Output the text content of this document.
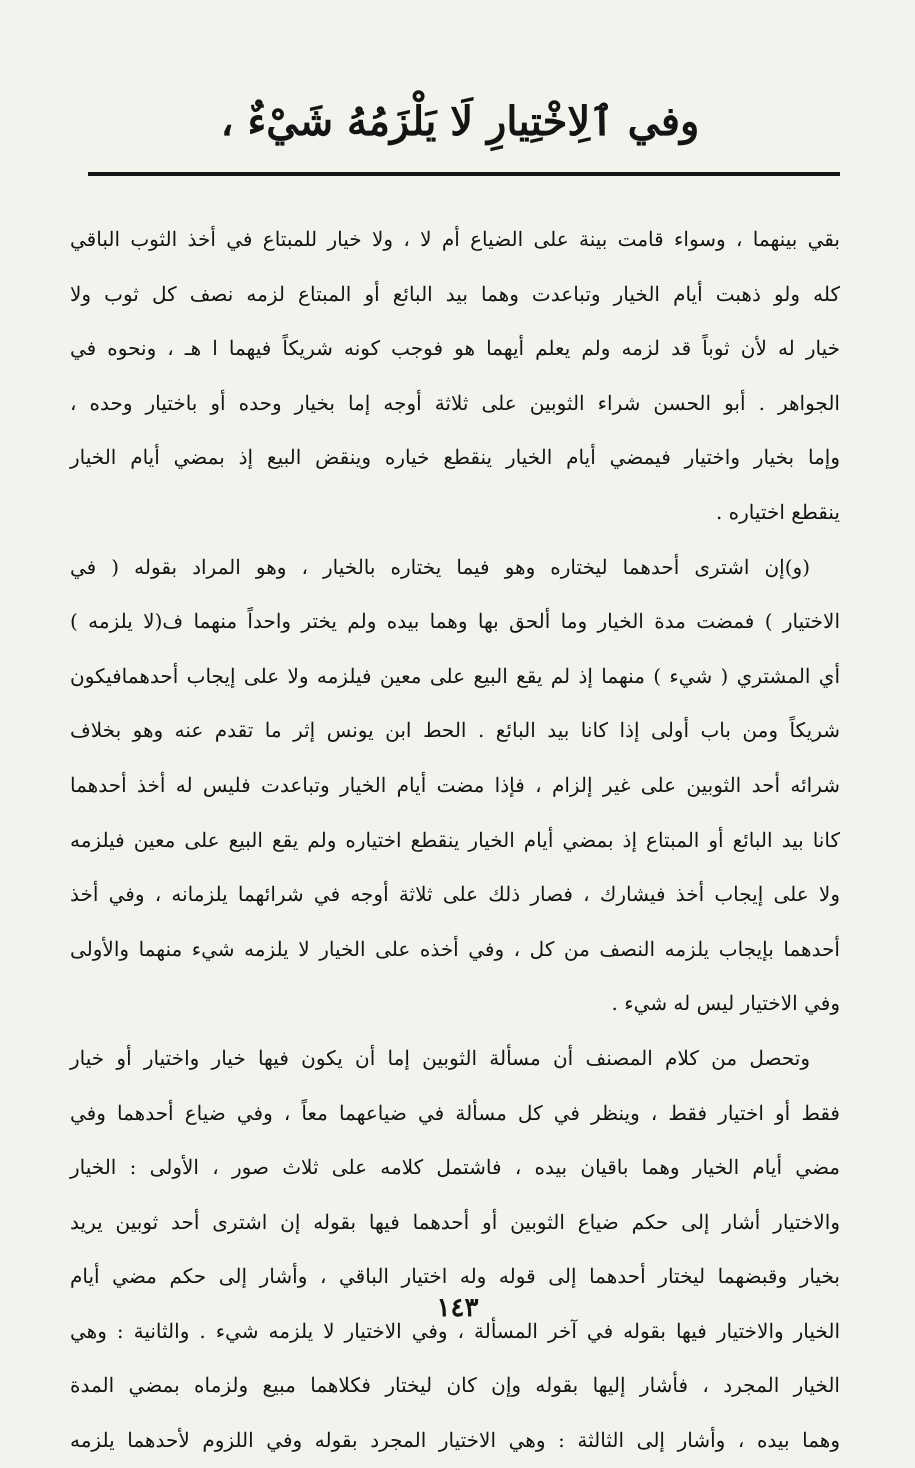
وفي ٱلِاخْتِيارِ لَا يَلْزَمُهُ شَيْءٌ ،
بقي بينهما ، وسواء قامت بينة على الضياع أم لا ، ولا خيار للمبتاع في أخذ الثوب الباقي
كله ولو ذهبت أيام الخيار وتباعدت وهما بيد البائع أو المبتاع لزمه نصف كل ثوب ولا
خيار له لأن ثوباً قد لزمه ولم يعلم أيهما هو فوجب كونه شريكاً فيهما ا هـ ، ونحوه في
الجواهر . أبو الحسن شراء الثوبين على ثلاثة أوجه إما بخيار وحده أو باختيار وحده ،
وإما بخيار واختيار فيمضي أيام الخيار ينقطع خياره وينقض البيع إذ بمضي أيام الخيار
ينقطع اختياره .
(و)إن اشترى أحدهما ليختاره وهو فيما يختاره بالخيار ، وهو المراد بقوله ( في
الاختيار ) فمضت مدة الخيار وما ألحق بها وهما بيده ولم يختر واحداً منهما ف(لا يلزمه )
أي المشتري ( شيء ) منهما إذ لم يقع البيع على معين فيلزمه ولا على إيجاب أحدهمافيكون
شريكاً ومن باب أولى إذا كانا بيد البائع . الحط ابن يونس إثر ما تقدم عنه وهو بخلاف
شرائه أحد الثوبين على غير إلزام ، فإذا مضت أيام الخيار وتباعدت فليس له أخذ أحدهما
كانا بيد البائع أو المبتاع إذ بمضي أيام الخيار ينقطع اختياره ولم يقع البيع على معين فيلزمه
ولا على إيجاب أخذ فيشارك ، فصار ذلك على ثلاثة أوجه في شرائهما يلزمانه ، وفي أخذ
أحدهما بإيجاب يلزمه النصف من كل ، وفي أخذه على الخيار لا يلزمه شيء منهما والأولى
وفي الاختيار ليس له شيء .
وتحصل من كلام المصنف أن مسألة الثوبين إما أن يكون فيها خيار واختيار أو خيار
فقط أو اختيار فقط ، وينظر في كل مسألة في ضياعهما معاً ، وفي ضياع أحدهما وفي
مضي أيام الخيار وهما باقيان بيده ، فاشتمل كلامه على ثلاث صور ، الأولى : الخيار
والاختيار أشار إلى حكم ضياع الثوبين أو أحدهما فيها بقوله إن اشترى أحد ثوبين يريد
بخيار وقبضهما ليختار أحدهما إلى قوله وله اختيار الباقي ، وأشار إلى حكم مضي أيام
الخيار والاختيار فيها بقوله في آخر المسألة ، وفي الاختيار لا يلزمه شيء . والثانية : وهي
الخيار المجرد ، فأشار إليها بقوله وإن كان ليختار فكلاهما مبيع ولزماه بمضي المدة
وهما بيده ، وأشار إلى الثالثة : وهي الاختيار المجرد بقوله وفي اللزوم لأحدهما يلزمه
١٤٣
